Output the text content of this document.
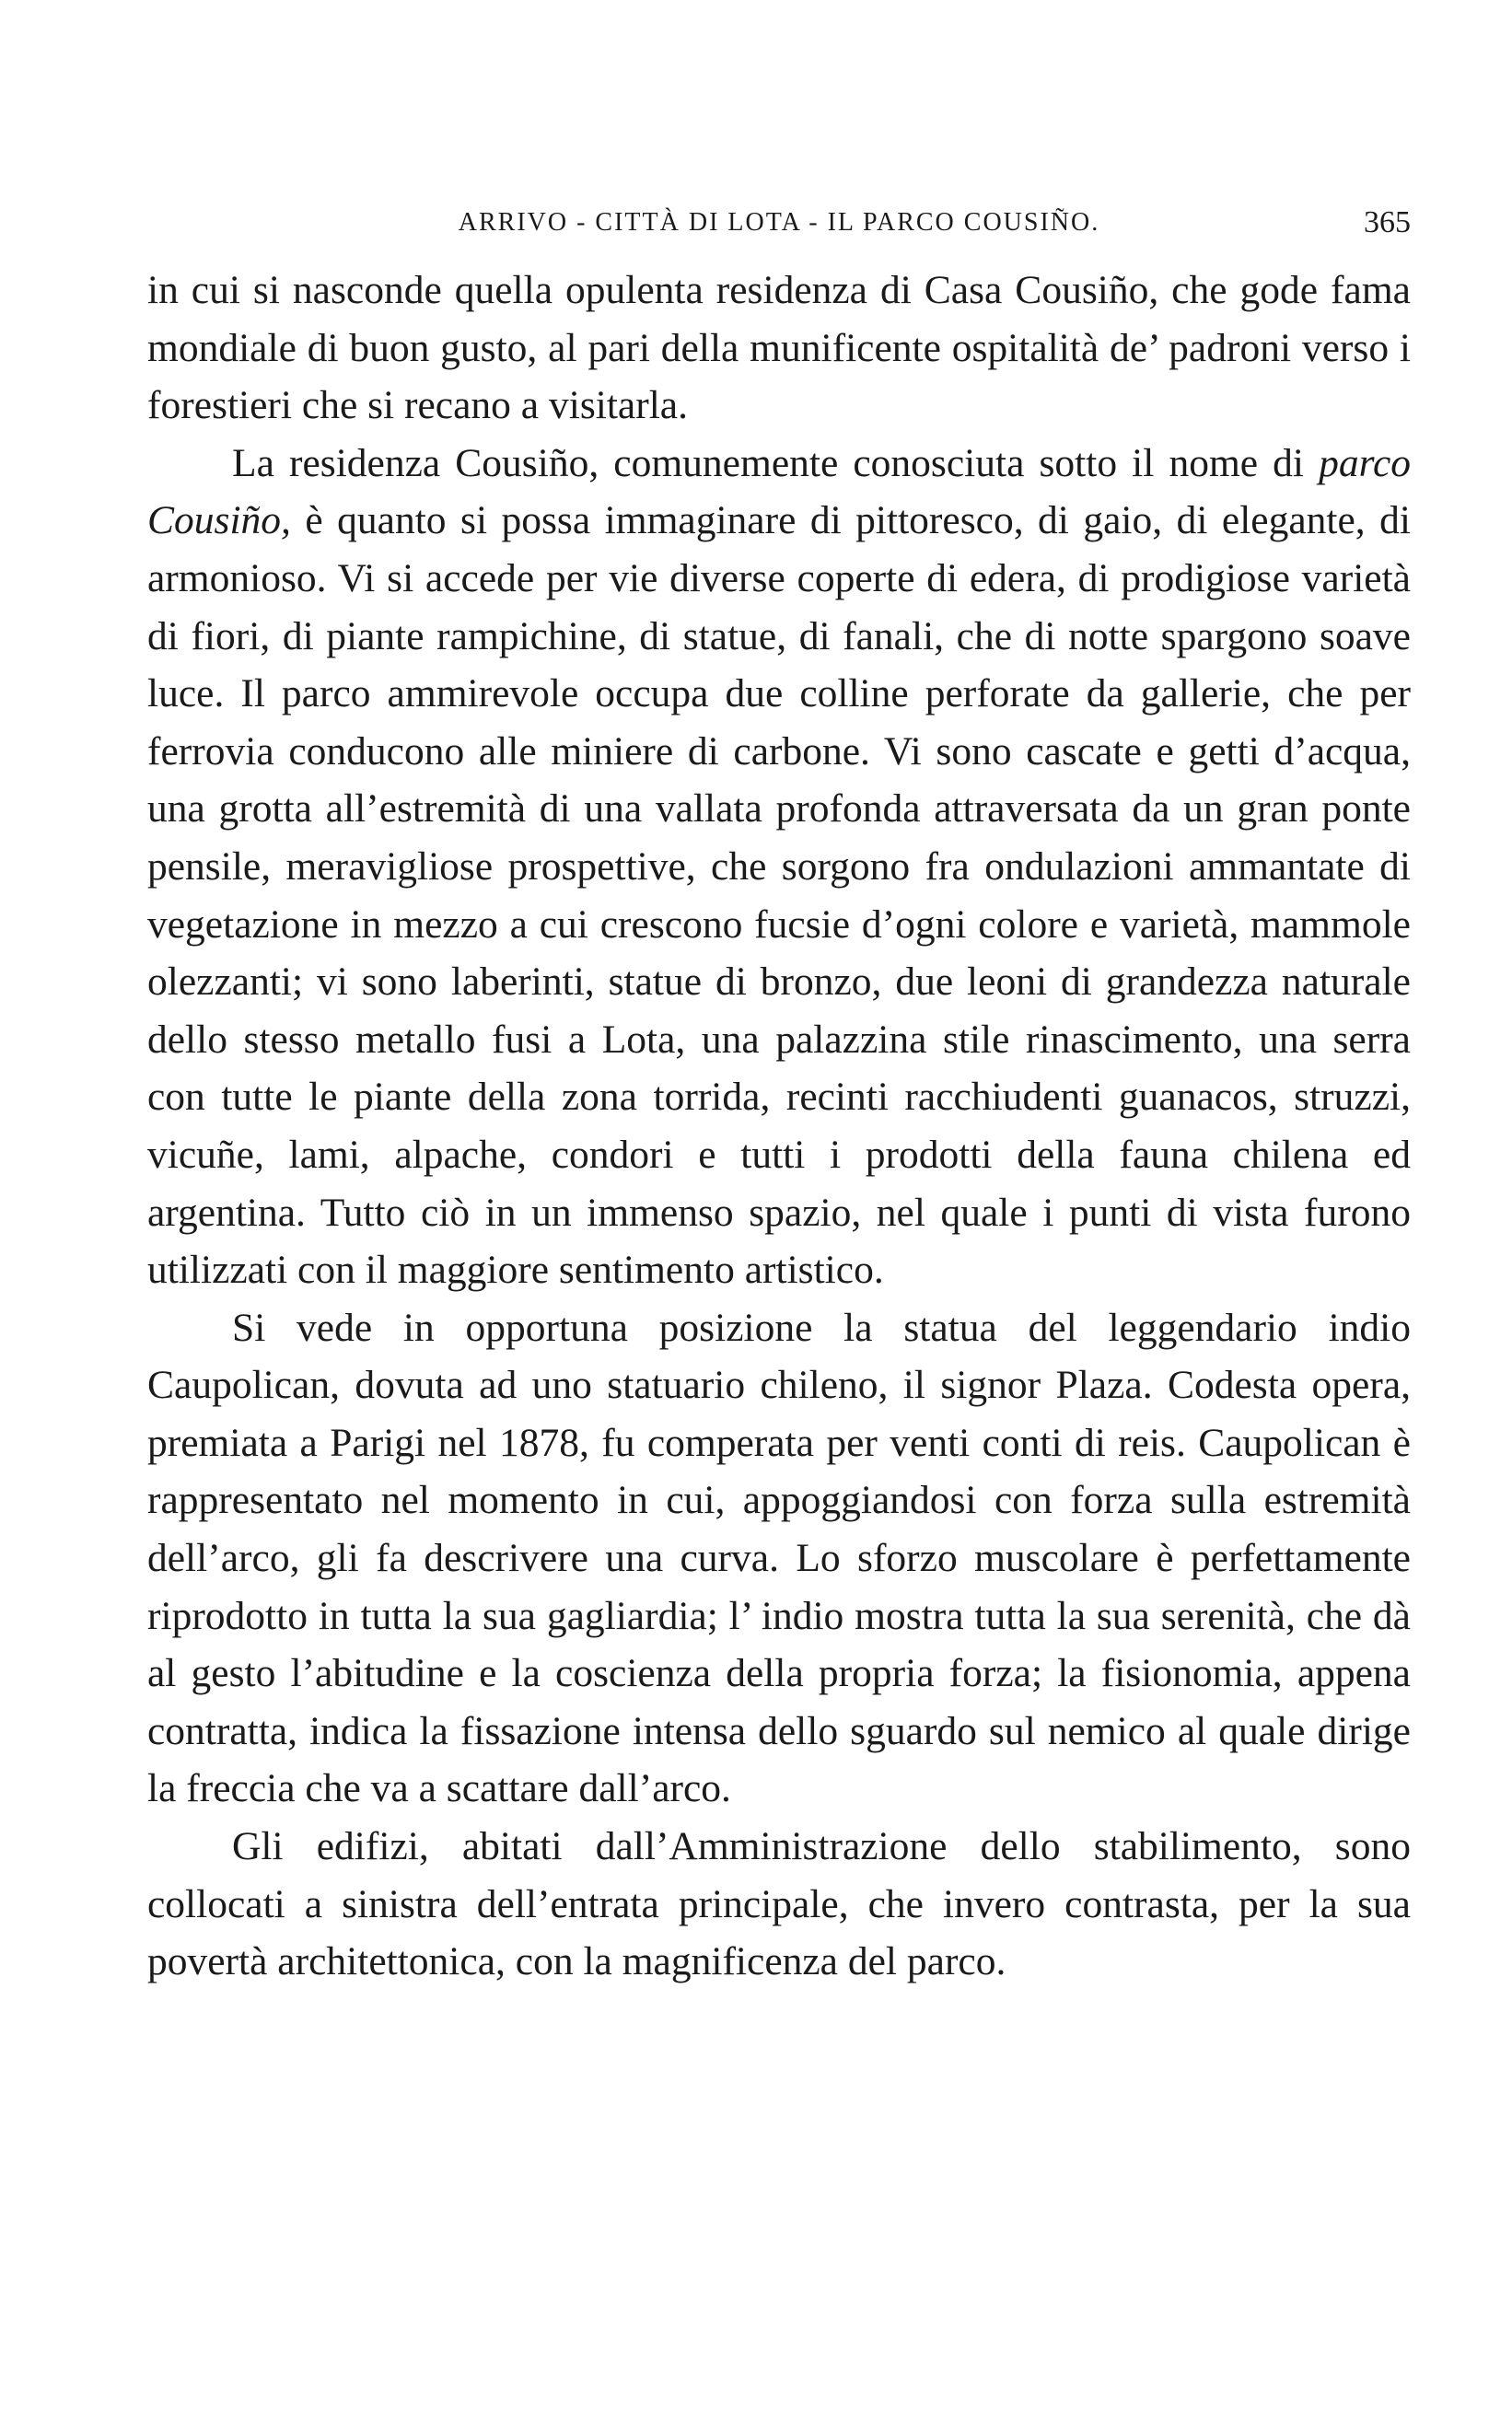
ARRIVO - CITTÀ DI LOTA - IL PARCO COUSIÑO.	365

in cui si nasconde quella opulenta residenza di Casa Cousiño, che gode fama mondiale di buon gusto, al pari della munificente ospitalità de’ padroni verso i forestieri che si recano a visitarla.

La residenza Cousiño, comunemente conosciuta sotto il nome di parco Cousiño, è quanto si possa immaginare di pittoresco, di gaio, di elegante, di armonioso. Vi si accede per vie diverse coperte di edera, di prodigiose varietà di fiori, di piante rampichine, di statue, di fanali, che di notte spargono soave luce. Il parco ammirevole occupa due colline perforate da gallerie, che per ferrovia conducono alle miniere di carbone. Vi sono cascate e getti d’acqua, una grotta all’estremità di una vallata profonda attraversata da un gran ponte pensile, meravigliose prospettive, che sorgono fra ondulazioni ammantate di vegetazione in mezzo a cui crescono fucsie d’ogni colore e varietà, mammole olezzanti; vi sono laberinti, statue di bronzo, due leoni di grandezza naturale dello stesso metallo fusi a Lota, una palazzina stile rinascimento, una serra con tutte le piante della zona torrida, recinti racchiudenti guanacos, struzzi, vicuñe, lami, alpache, condori e tutti i prodotti della fauna chilena ed argentina. Tutto ciò in un immenso spazio, nel quale i punti di vista furono utilizzati con il maggiore sentimento artistico.

Si vede in opportuna posizione la statua del leggendario indio Caupolican, dovuta ad uno statuario chileno, il signor Plaza. Codesta opera, premiata a Parigi nel 1878, fu comperata per venti conti di reis. Caupolican è rappresentato nel momento in cui, appoggiandosi con forza sulla estremità dell’arco, gli fa descrivere una curva. Lo sforzo muscolare è perfettamente riprodotto in tutta la sua gagliardia; l’ indio mostra tutta la sua serenità, che dà al gesto l’abitudine e la coscienza della propria forza; la fisionomia, appena contratta, indica la fissazione intensa dello sguardo sul nemico al quale dirige la freccia che va a scattare dall’arco.

Gli edifizi, abitati dall’Amministrazione dello stabilimento, sono collocati a sinistra dell’entrata principale, che invero contrasta, per la sua povertà architettonica, con la magnificenza del parco.
